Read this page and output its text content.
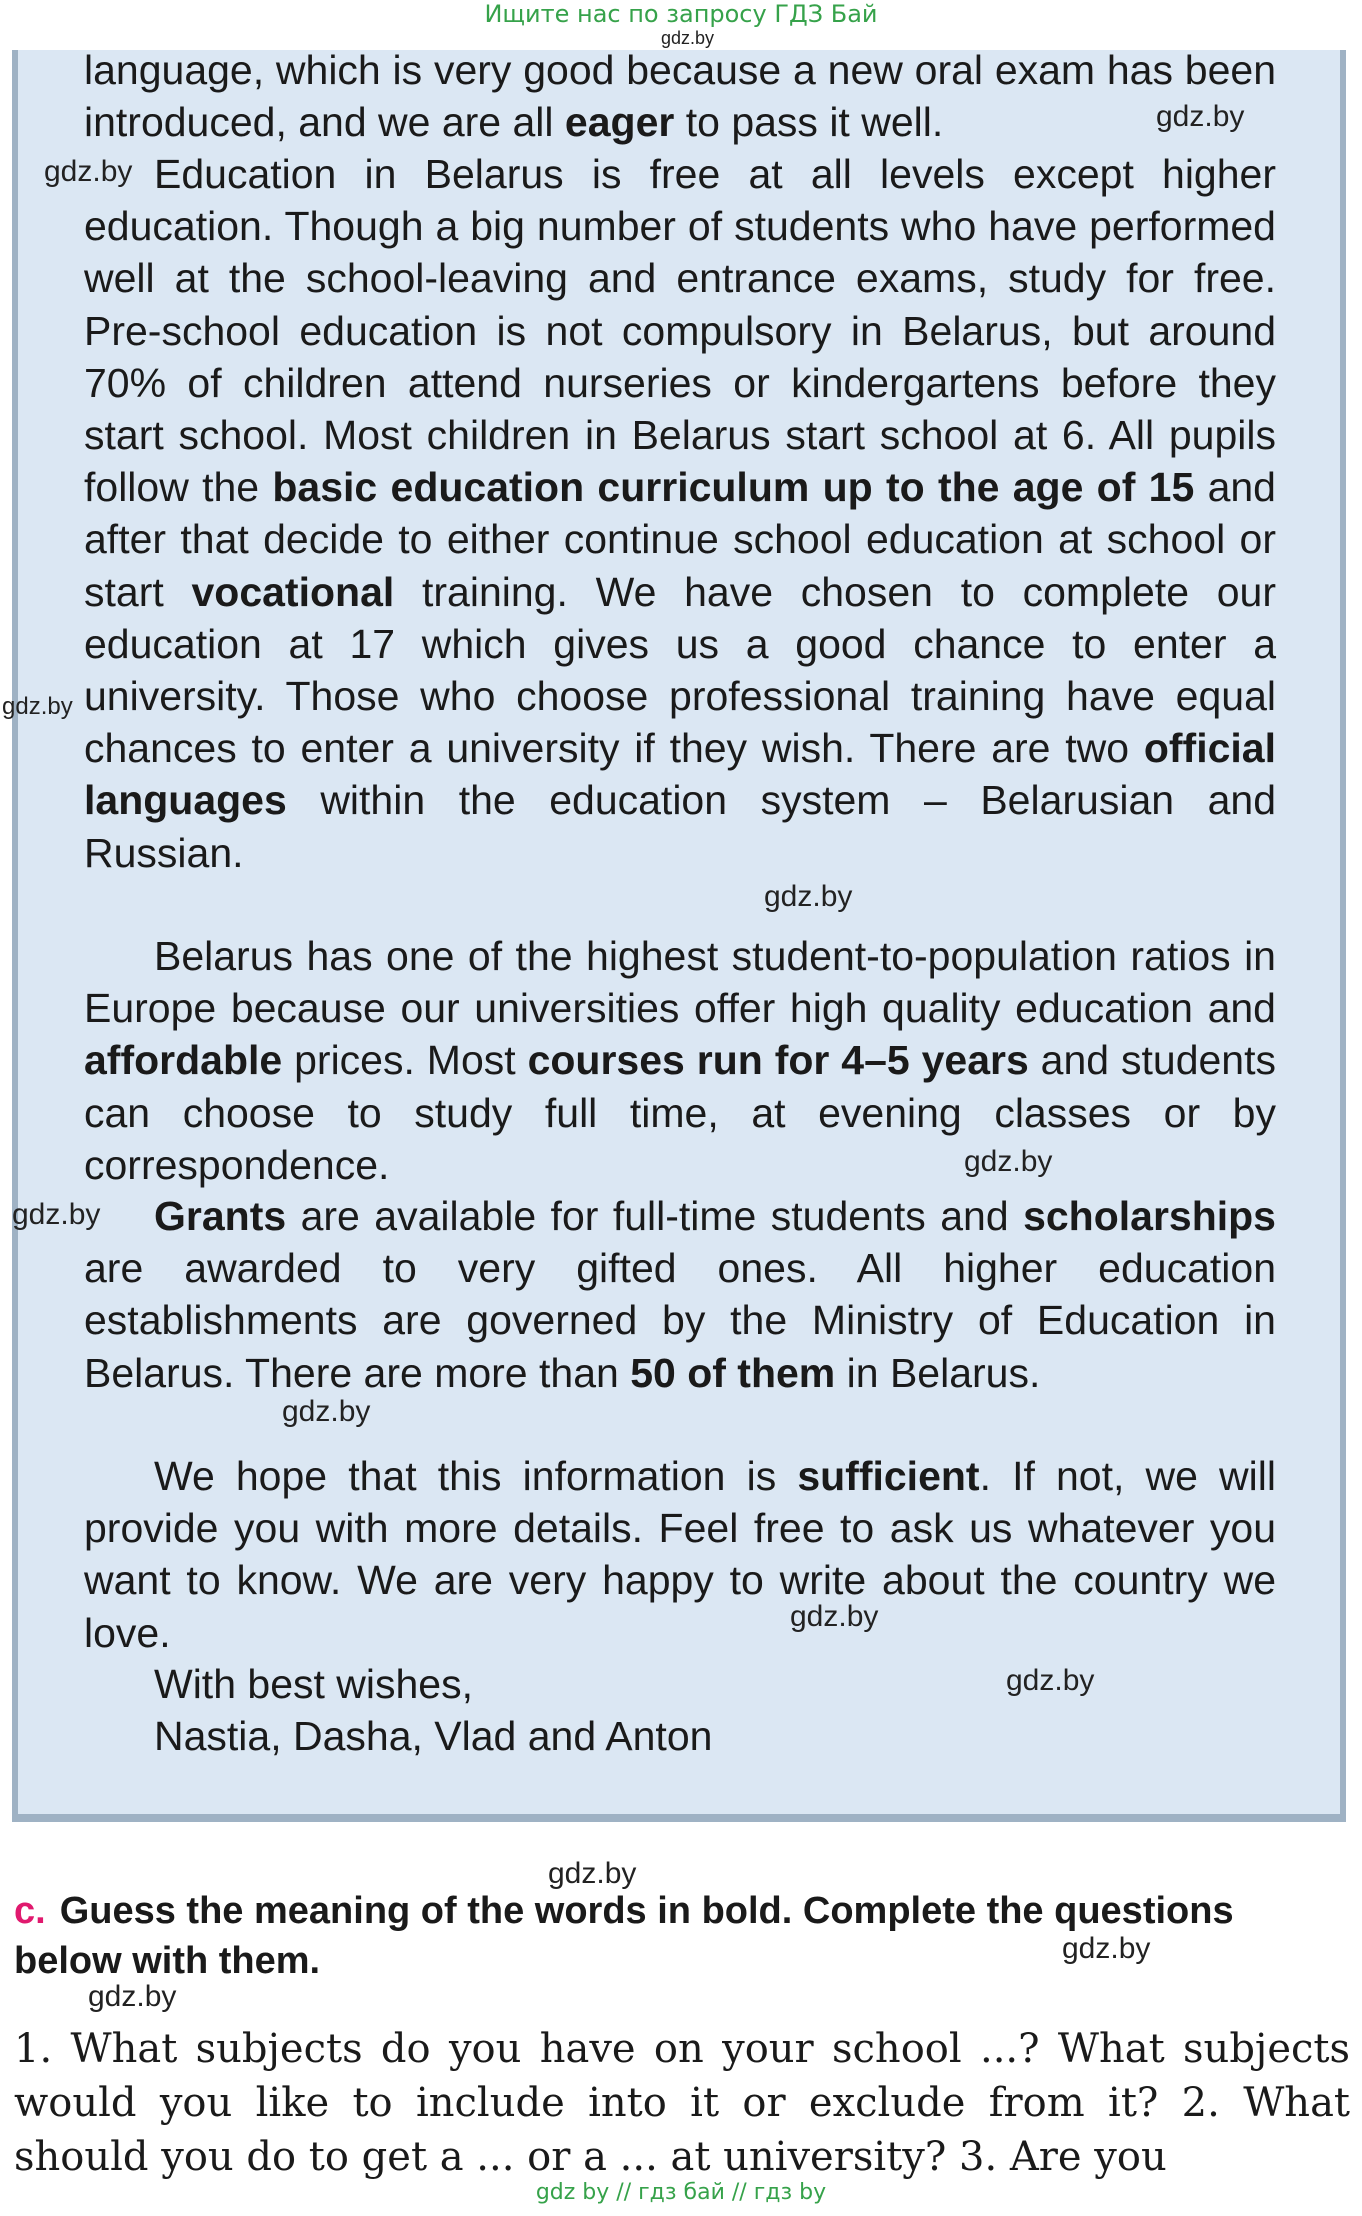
Ищите нас по запросу ГДЗ Бай
gdz.by

language, which is very good because a new oral exam has been introduced, and we are all eager to pass it well.

Education in Belarus is free at all levels except higher education. Though a big number of students who have performed well at the school-leaving and entrance exams, study for free. Pre-school education is not compulsory in Belarus, but around 70% of children attend nurseries or kindergartens before they start school. Most children in Belarus start school at 6. All pupils follow the basic education curriculum up to the age of 15 and after that decide to either continue school education at school or start vocational training. We have chosen to complete our education at 17 which gives us a good chance to enter a university. Those who choose professional training have equal chances to enter a university if they wish. There are two official languages within the education system – Belarusian and Russian.

Belarus has one of the highest student-to-population ratios in Europe because our universities offer high quality education and affordable prices. Most courses run for 4–5 years and students can choose to study full time, at evening classes or by correspondence.

Grants are available for full-time students and scholarships are awarded to very gifted ones. All higher education establishments are governed by the Ministry of Education in Belarus. There are more than 50 of them in Belarus.

We hope that this information is sufficient. If not, we will provide you with more details. Feel free to ask us whatever you want to know. We are very happy to write about the country we love.

With best wishes,

Nastia, Dasha, Vlad and Anton

gdz.by
gdz.by
gdz.by
gdz.by
gdz.by
gdz.by
gdz.by
gdz.by
gdz.by
gdz.by
gdz.by
gdz.by

c. Guess the meaning of the words in bold. Complete the questions below with them.

1. What subjects do you have on your school ...? What subjects would you like to include into it or exclude from it? 2. What should you do to get a ... or a ... at university? 3. Are you

gdz by // гдз бай // гдз by
